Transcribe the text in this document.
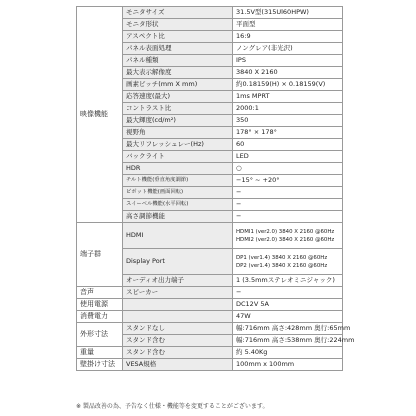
映像機能	モニタサイズ	31.5V型(315Ul60HPW)
	モニタ形状	平面型
	アスペクト比	16:9
	パネル表面処理	ノングレア(非光沢)
	パネル種類	IPS
	最大表示解像度	3840 X 2160
	画素ピッチ(mm X mm)	約0.18159(H) × 0.18159(V)
	応答速度(最大)	1ms MPRT
	コントラスト比	2000:1
	最大輝度(cd/m²)	350
	視野角	178° × 178°
	最大リフレッシュレー(Hz)	60
	バックライト	LED
	HDR	○
	チルト機能(垂直角度調節)	−15° ~ +20°
	ピボット機能(画面回転)	−
	スイーベル機能(水平回転)	−
	高さ調節機能	−
端子群	HDMI	HDMI1 (ver2.0) 3840 X 2160 @60Hz
HDMI2 (ver2.0) 3840 X 2160 @60Hz

	Display Port	DP1 (ver1.4) 3840 X 2160 @60Hz
DP2 (ver1.4) 3840 X 2160 @60Hz

	オーディオ出力端子	1 (3.5mmステレオミニジャック)
音声	スピーカー	−
使用電源		DC12V 5A
消費電力		47W
外形寸法	スタンドなし	幅:716mm 高さ:428mm 奥行:65mm
	スタンド含む	幅:716mm 高さ:538mm 奥行:224mm
重量	スタンド含む	約 5.40Kg
壁掛け寸法	VESA規格	100mm x 100mm
※ 製品改善の為、予告なく仕様・機能等を変更することがございます。
